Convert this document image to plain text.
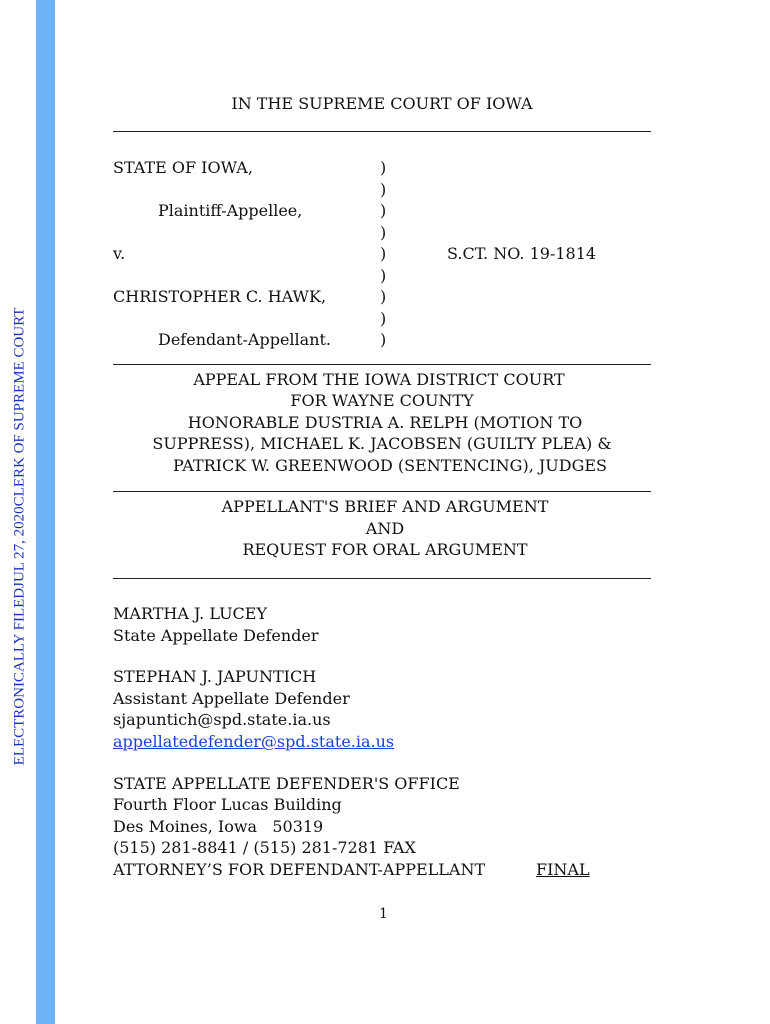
ELECTRONICALLY FILED
JUL 27, 2020
CLERK OF SUPREME COURT
IN THE SUPREME COURT OF IOWA
STATE OF IOWA,
Plaintiff-Appellee,
v.
CHRISTOPHER C. HAWK,
Defendant-Appellant.
S.CT. NO. 19-1814
)
)
)
)
)
)
)
)
)
APPEAL FROM THE IOWA DISTRICT COURT
FOR WAYNE COUNTY
HONORABLE DUSTRIA A. RELPH (MOTION TO
SUPPRESS), MICHAEL K. JACOBSEN (GUILTY PLEA) &
PATRICK W. GREENWOOD (SENTENCING), JUDGES
APPELLANT'S BRIEF AND ARGUMENT
AND
REQUEST FOR ORAL ARGUMENT
MARTHA J. LUCEY
State Appellate Defender
STEPHAN J. JAPUNTICH
Assistant Appellate Defender
sjapuntich@spd.state.ia.us
appellatedefender@spd.state.ia.us
STATE APPELLATE DEFENDER'S OFFICE
Fourth Floor Lucas Building
Des Moines, Iowa   50319
(515) 281-8841 / (515) 281-7281 FAX
ATTORNEY’S FOR DEFENDANT-APPELLANT	FINAL
1
